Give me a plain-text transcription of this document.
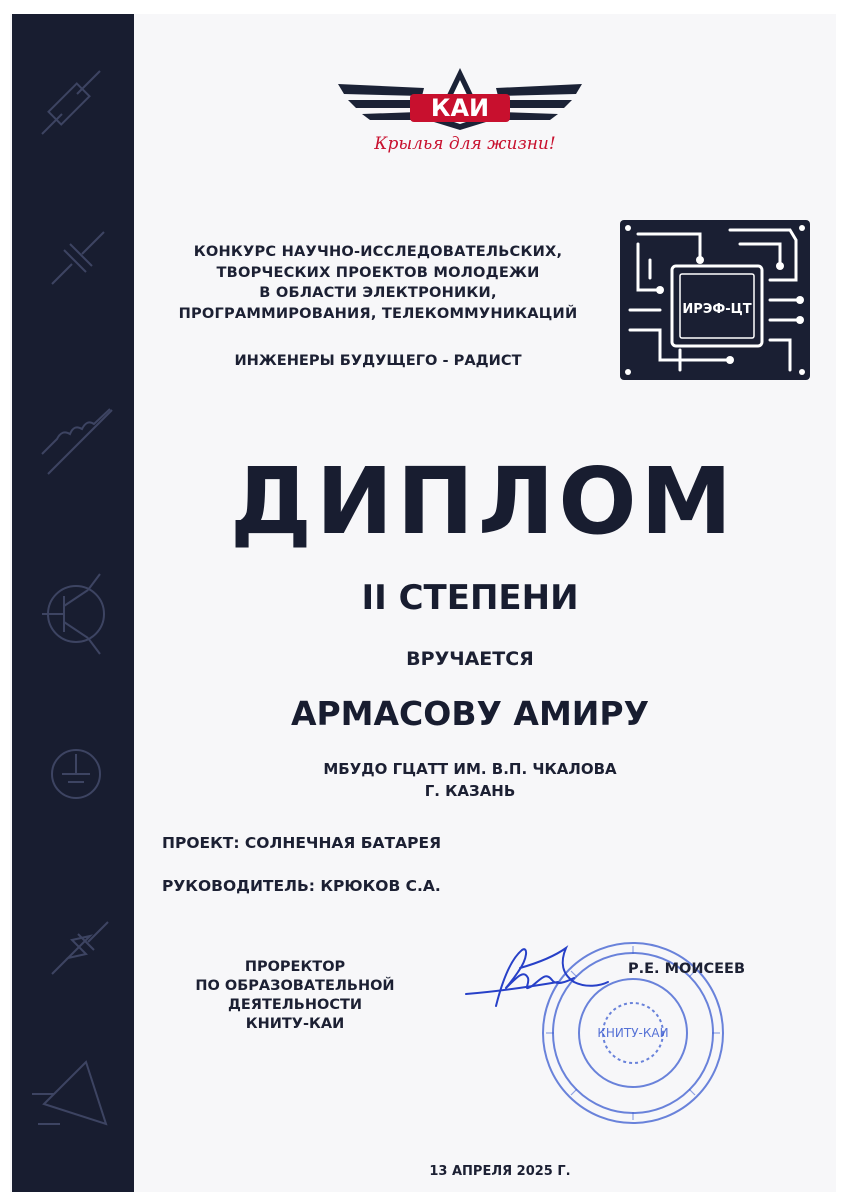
КАИ
Крылья для жизни!
КОНКУРС НАУЧНО-ИССЛЕДОВАТЕЛЬСКИХ,
ТВОРЧЕСКИХ ПРОЕКТОВ МОЛОДЕЖИ
В ОБЛАСТИ ЭЛЕКТРОНИКИ,
ПРОГРАММИРОВАНИЯ, ТЕЛЕКОММУНИКАЦИЙ
ИНЖЕНЕРЫ БУДУЩЕГО - РАДИСТ
ИРЭФ-ЦТ
ДИПЛОМ
II СТЕПЕНИ
ВРУЧАЕТСЯ
АРМАСОВУ АМИРУ
МБУДО ГЦАТТ ИМ. В.П. ЧКАЛОВА
Г. КАЗАНЬ
ПРОЕКТ: СОЛНЕЧНАЯ БАТАРЕЯ
РУКОВОДИТЕЛЬ: КРЮКОВ С.А.
ПРОРЕКТОР
ПО ОБРАЗОВАТЕЛЬНОЙ
ДЕЯТЕЛЬНОСТИ
КНИТУ-КАИ
КНИТУ-КАИ
Р.Е. МОИСЕЕВ
13 АПРЕЛЯ 2025 Г.
